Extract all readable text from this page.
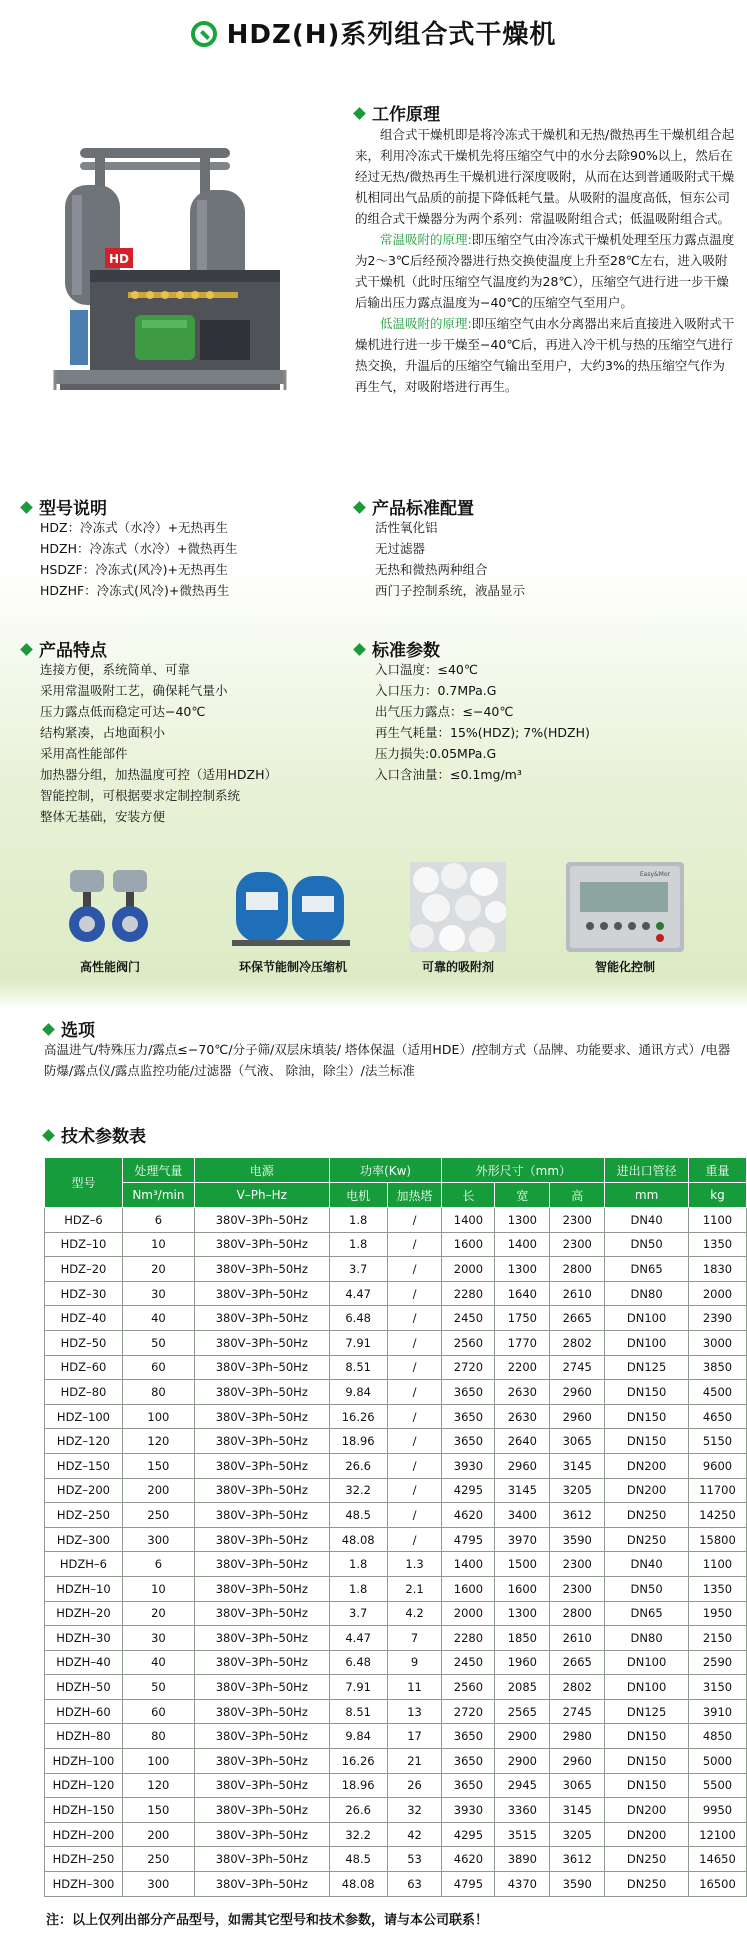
HDZ(H)系列组合式干燥机
HD
工作原理

组合式干燥机即是将冷冻式干燥机和无热/微热再生干燥机组合起来，利用冷冻式干燥机先将压缩空气中的水分去除90%以上，然后在经过无热/微热再生干燥机进行深度吸附，从而在达到普通吸附式干燥机相同出气品质的前提下降低耗气量。从吸附的温度高低，恒东公司的组合式干燥器分为两个系列：常温吸附组合式；低温吸附组合式。

常温吸附的原理:即压缩空气由冷冻式干燥机处理至压力露点温度为2～3℃后经预冷器进行热交换使温度上升至28℃左右，进入吸附式干燥机（此时压缩空气温度约为28℃），压缩空气进行进一步干燥后输出压力露点温度为−40℃的压缩空气至用户。

低温吸附的原理:即压缩空气由水分离器出来后直接进入吸附式干燥机进行进一步干燥至−40℃后，再进入冷干机与热的压缩空气进行热交换，升温后的压缩空气输出至用户，大约3%的热压缩空气作为再生气，对吸附塔进行再生。

型号说明
HDZ：冷冻式（水冷）+无热再生
HDZH：冷冻式（水冷）+微热再生
HSDZF：冷冻式(风冷)+无热再生
HDZHF：冷冻式(风冷)+微热再生
产品标准配置
活性氧化铝
无过滤器
无热和微热两种组合
西门子控制系统，液晶显示
产品特点
连接方便，系统简单、可靠
采用常温吸附工艺，确保耗气量小
压力露点低而稳定可达−40℃
结构紧凑，占地面积小
采用高性能部件
加热器分组，加热温度可控（适用HDZH）
智能控制，可根据要求定制控制系统
整体无基础，安装方便
标准参数
入口温度：≤40℃
入口压力：0.7MPa.G
出气压力露点：≤−40℃
再生气耗量：15%(HDZ); 7%(HDZH)
压力损失:0.05MPa.G
入口含油量：≤0.1mg/m³
Easy&Mor
高性能阀门	环保节能制冷压缩机	可靠的吸附剂	智能化控制
选项
高温进气/特殊压力/露点≤−70℃/分子筛/双层床填装/ 塔体保温（适用HDE）/控制方式（品牌、功能要求、通讯方式）/电器防爆/露点仪/露点监控功能/过滤器（气液、 除油，除尘）/法兰标准
技术参数表
型号	处理气量	电源	功率(Kw)		外形尺寸（mm）			进出口管径	重量
	Nm³/min	V–Ph–Hz	电机	加热塔	长	宽	高	mm	kg
HDZ–6	6	380V–3Ph–50Hz	1.8	/	1400	1300	2300	DN40	1100
HDZ–10	10	380V–3Ph–50Hz	1.8	/	1600	1400	2300	DN50	1350
HDZ–20	20	380V–3Ph–50Hz	3.7	/	2000	1300	2800	DN65	1830
HDZ–30	30	380V–3Ph–50Hz	4.47	/	2280	1640	2610	DN80	2000
HDZ–40	40	380V–3Ph–50Hz	6.48	/	2450	1750	2665	DN100	2390
HDZ–50	50	380V–3Ph–50Hz	7.91	/	2560	1770	2802	DN100	3000
HDZ–60	60	380V–3Ph–50Hz	8.51	/	2720	2200	2745	DN125	3850
HDZ–80	80	380V–3Ph–50Hz	9.84	/	3650	2630	2960	DN150	4500
HDZ–100	100	380V–3Ph–50Hz	16.26	/	3650	2630	2960	DN150	4650
HDZ–120	120	380V–3Ph–50Hz	18.96	/	3650	2640	3065	DN150	5150
HDZ–150	150	380V–3Ph–50Hz	26.6	/	3930	2960	3145	DN200	9600
HDZ–200	200	380V–3Ph–50Hz	32.2	/	4295	3145	3205	DN200	11700
HDZ–250	250	380V–3Ph–50Hz	48.5	/	4620	3400	3612	DN250	14250
HDZ–300	300	380V–3Ph–50Hz	48.08	/	4795	3970	3590	DN250	15800
HDZH–6	6	380V–3Ph–50Hz	1.8	1.3	1400	1500	2300	DN40	1100
HDZH–10	10	380V–3Ph–50Hz	1.8	2.1	1600	1600	2300	DN50	1350
HDZH–20	20	380V–3Ph–50Hz	3.7	4.2	2000	1300	2800	DN65	1950
HDZH–30	30	380V–3Ph–50Hz	4.47	7	2280	1850	2610	DN80	2150
HDZH–40	40	380V–3Ph–50Hz	6.48	9	2450	1960	2665	DN100	2590
HDZH–50	50	380V–3Ph–50Hz	7.91	11	2560	2085	2802	DN100	3150
HDZH–60	60	380V–3Ph–50Hz	8.51	13	2720	2565	2745	DN125	3910
HDZH–80	80	380V–3Ph–50Hz	9.84	17	3650	2900	2980	DN150	4850
HDZH–100	100	380V–3Ph–50Hz	16.26	21	3650	2900	2960	DN150	5000
HDZH–120	120	380V–3Ph–50Hz	18.96	26	3650	2945	3065	DN150	5500
HDZH–150	150	380V–3Ph–50Hz	26.6	32	3930	3360	3145	DN200	9950
HDZH–200	200	380V–3Ph–50Hz	32.2	42	4295	3515	3205	DN200	12100
HDZH–250	250	380V–3Ph–50Hz	48.5	53	4620	3890	3612	DN250	14650
HDZH–300	300	380V–3Ph–50Hz	48.08	63	4795	4370	3590	DN250	16500
注：以上仅列出部分产品型号，如需其它型号和技术参数，请与本公司联系！
